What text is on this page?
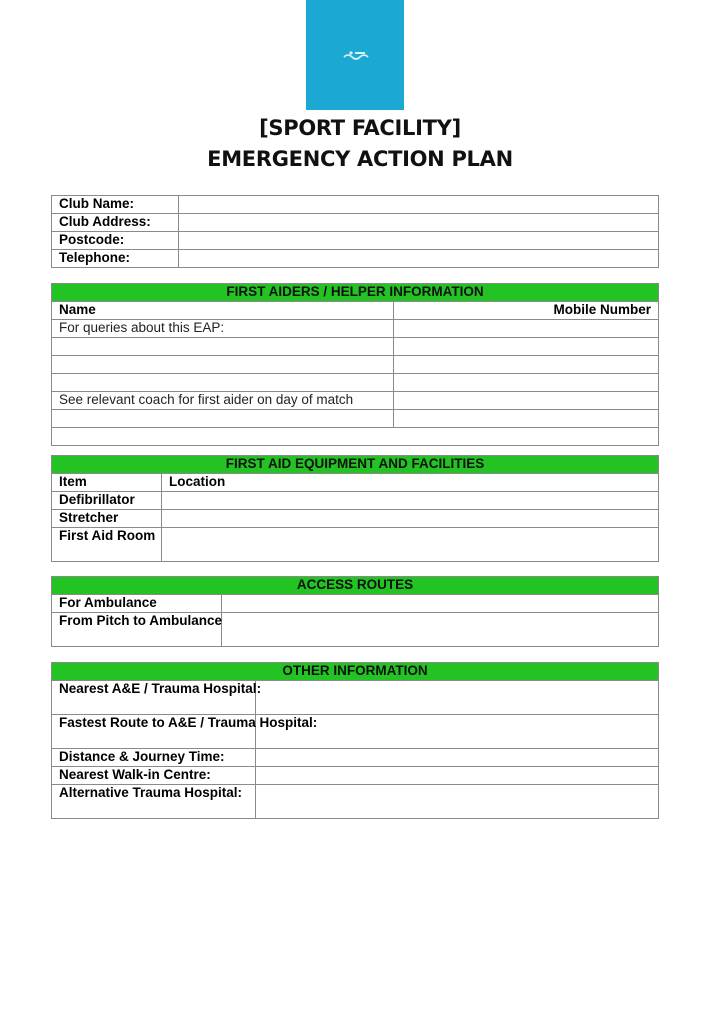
[SPORT FACILITY]
EMERGENCY ACTION PLAN
Club Name:	
Club Address:	
Postcode:	
Telephone:	
FIRST AIDERS / HELPER INFORMATION	
Name	Mobile Number
For queries about this EAP:	

See relevant coach for first aider on day of match	

FIRST AID EQUIPMENT AND FACILITIES	
Item	Location
Defibrillator	
Stretcher	
First Aid Room	
ACCESS ROUTES	
For Ambulance	
From Pitch to Ambulance	
OTHER INFORMATION	
Nearest A&E / Trauma Hospital:	
Fastest Route to A&E / Trauma Hospital:	
Distance & Journey Time:	
Nearest Walk-in Centre:	
Alternative Trauma Hospital:	
